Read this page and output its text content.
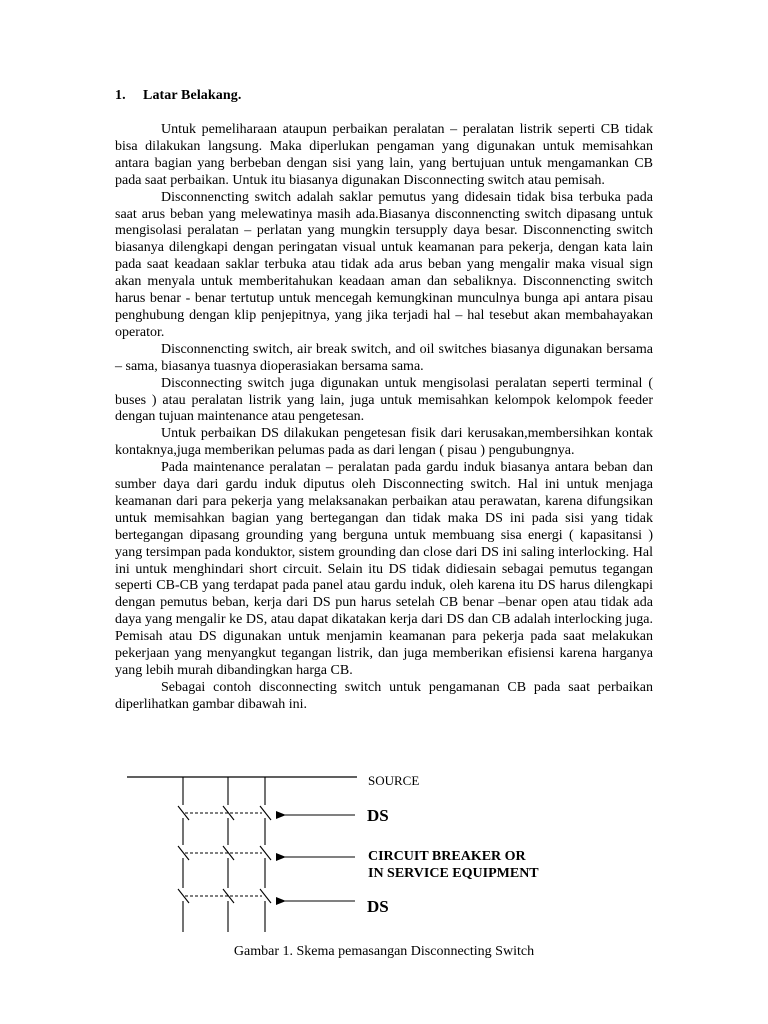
1. Latar Belakang.

Untuk pemeliharaan ataupun perbaikan peralatan – peralatan listrik seperti CB tidak bisa dilakukan langsung. Maka diperlukan pengaman yang digunakan untuk memisahkan antara bagian yang berbeban dengan sisi yang lain, yang bertujuan untuk mengamankan CB pada saat perbaikan. Untuk itu biasanya digunakan Disconnecting switch atau pemisah.

Disconnencting switch adalah saklar pemutus yang didesain tidak bisa terbuka pada saat arus beban yang melewatinya masih ada.Biasanya disconnencting switch dipasang untuk mengisolasi peralatan – perlatan yang mungkin tersupply daya besar. Disconnencting switch biasanya dilengkapi dengan peringatan visual untuk keamanan para pekerja, dengan kata lain pada saat keadaan saklar terbuka atau tidak ada arus beban yang mengalir maka visual sign akan menyala untuk memberitahukan keadaan aman dan sebaliknya. Disconnencting switch harus benar - benar tertutup untuk mencegah kemungkinan munculnya bunga api antara pisau penghubung dengan klip penjepitnya, yang jika terjadi hal – hal tesebut akan membahayakan operator.

Disconnencting switch, air break switch, and oil switches biasanya digunakan bersama – sama, biasanya tuasnya dioperasiakan bersama sama.

Disconnecting switch juga digunakan untuk mengisolasi peralatan seperti terminal ( buses ) atau peralatan listrik yang lain, juga untuk memisahkan kelompok kelompok feeder dengan tujuan maintenance atau pengetesan.

Untuk perbaikan DS dilakukan pengetesan fisik dari kerusakan,membersihkan kontak kontaknya,juga memberikan pelumas pada as dari lengan ( pisau ) pengubungnya.

Pada maintenance peralatan – peralatan pada gardu induk biasanya antara beban dan sumber daya dari gardu induk diputus oleh Disconnecting switch. Hal ini untuk menjaga keamanan dari para pekerja yang melaksanakan perbaikan atau perawatan, karena difungsikan untuk memisahkan bagian yang bertegangan dan tidak maka DS ini pada sisi yang tidak bertegangan dipasang grounding yang berguna untuk membuang sisa energi ( kapasitansi ) yang tersimpan pada konduktor, sistem grounding dan close dari DS ini saling interlocking. Hal ini untuk menghindari short circuit. Selain itu DS tidak didiesain sebagai pemutus tegangan seperti CB-CB yang terdapat pada panel atau gardu induk, oleh karena itu DS harus dilengkapi dengan pemutus beban, kerja dari DS pun harus setelah CB benar –benar open atau tidak ada daya yang mengalir ke DS, atau dapat dikatakan kerja dari DS dan CB adalah interlocking juga. Pemisah atau DS digunakan untuk menjamin keamanan para pekerja pada saat melakukan pekerjaan yang menyangkut tegangan listrik, dan juga memberikan efisiensi karena harganya yang lebih murah dibandingkan harga CB.

Sebagai contoh disconnecting switch untuk pengamanan CB pada saat perbaikan diperlihatkan gambar dibawah ini.

SOURCE
DS
CIRCUIT BREAKER OR
IN SERVICE EQUIPMENT
DS
Gambar 1. Skema pemasangan Disconnecting Switch
